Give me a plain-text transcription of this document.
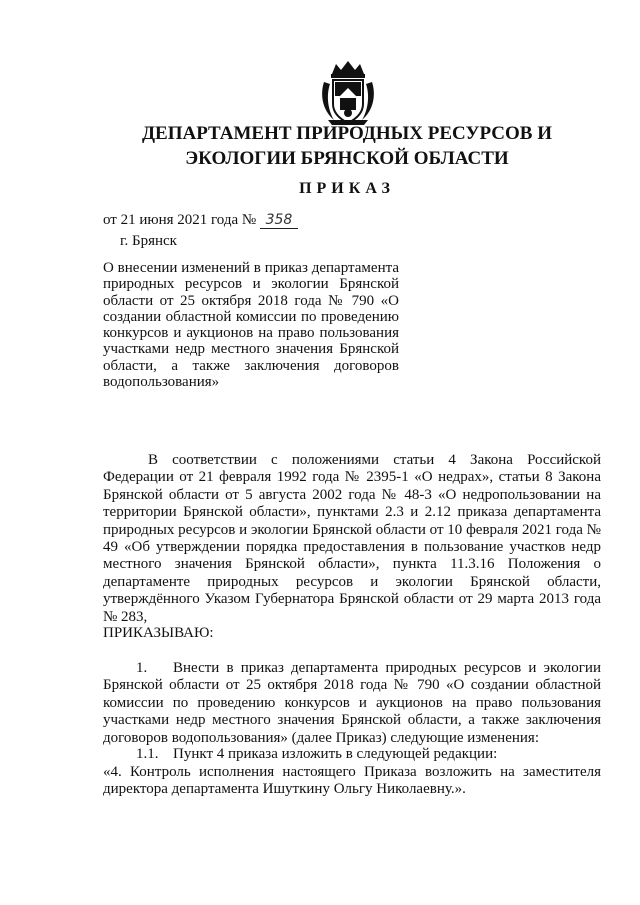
ДЕПАРТАМЕНТ ПРИРОДНЫХ РЕСУРСОВ И ЭКОЛОГИИ БРЯНСКОЙ ОБЛАСТИ
ПРИКАЗ
от 21 июня 2021 года № 358
г. Брянск

О внесении изменений в приказ департамента природных ресурсов и экологии Брянской области от 25 октября 2018 года № 790 «О создании областной комиссии по проведению конкурсов и аукционов на право пользования участками недр местного значения Брянской области, а также заключения договоров водопользования»

В соответствии с положениями статьи 4 Закона Российской Федерации от 21 февраля 1992 года № 2395-1 «О недрах», статьи 8 Закона Брянской области от 5 августа 2002 года № 48-3 «О недропользовании на территории Брянской области», пунктами 2.3 и 2.12 приказа департамента природных ресурсов и экологии Брянской области от 10 февраля 2021 года № 49 «Об утверждении порядка предоставления в пользование участков недр местного значения Брянской области», пункта 11.3.16 Положения о департаменте природных ресурсов и экологии Брянской области, утверждённого Указом Губернатора Брянской области от 29 марта 2013 года № 283,

ПРИКАЗЫВАЮ:

1. Внести в приказ департамента природных ресурсов и экологии Брянской области от 25 октября 2018 года № 790 «О создании областной комиссии по проведению конкурсов и аукционов на право пользования участками недр местного значения Брянской области, а также заключения договоров водопользования» (далее Приказ) следующие изменения:

1.1. Пункт 4 приказа изложить в следующей редакции:

«4. Контроль исполнения настоящего Приказа возложить на заместителя директора департамента Ишуткину Ольгу Николаевну.».
